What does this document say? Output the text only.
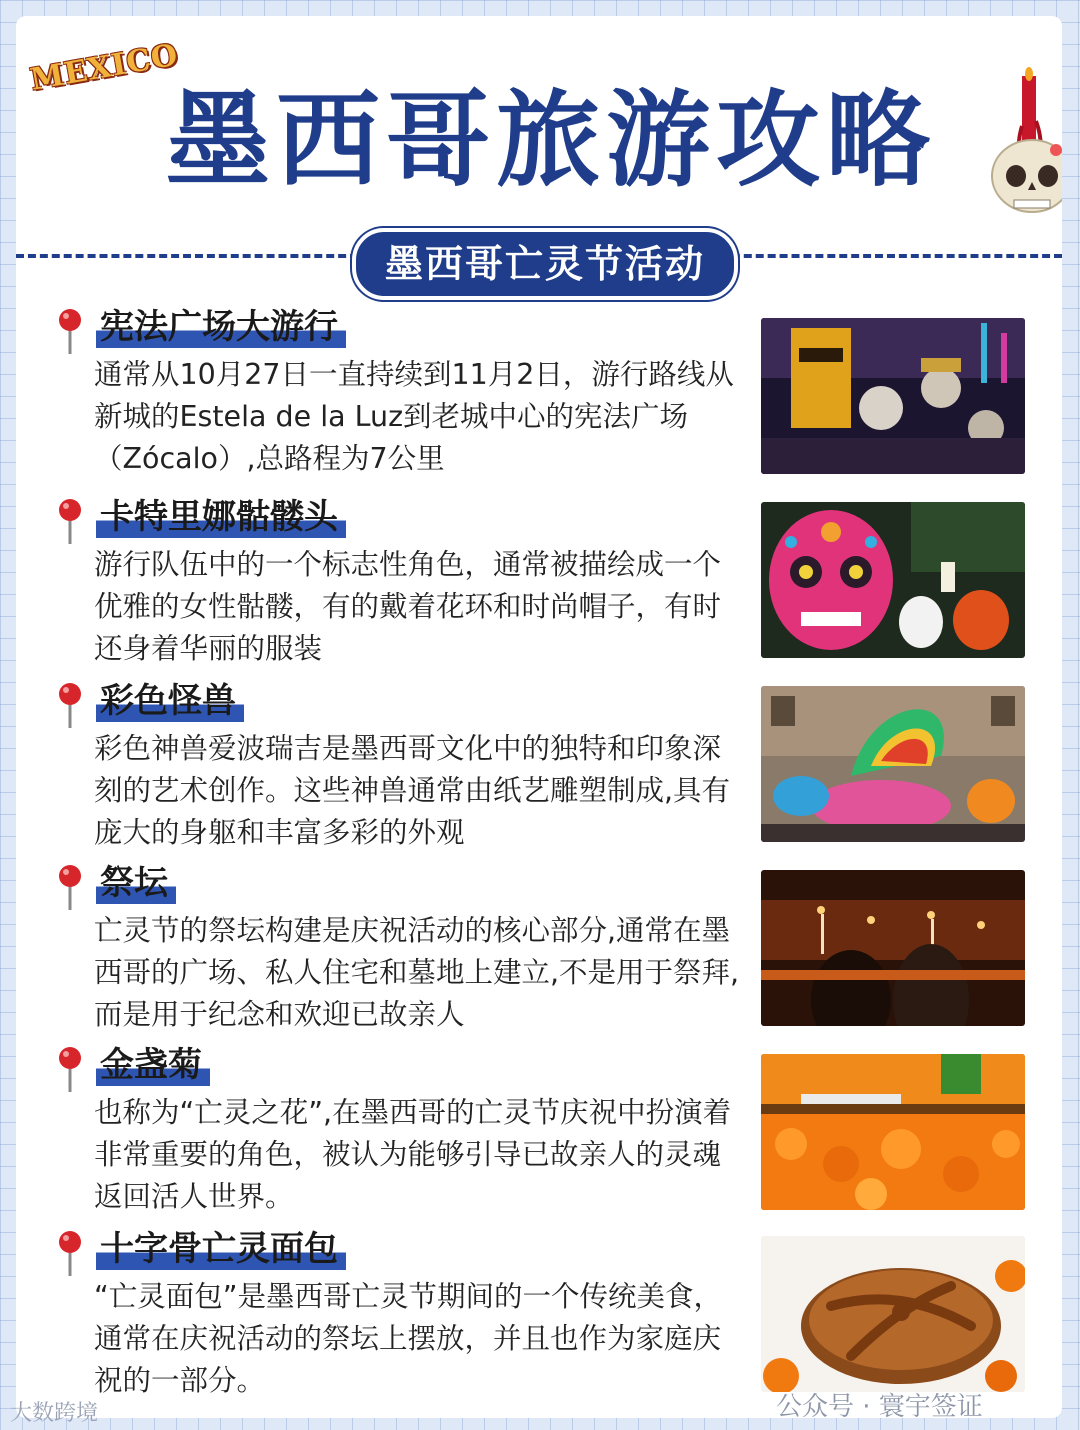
MEXICO
墨西哥旅游攻略
墨西哥亡灵节活动
宪法广场大游行

通常从10月27日一直持续到11月2日，游行路线从新城的Estela de la Luz到老城中心的宪法广场（Zócalo）,总路程为7公里

卡特里娜骷髅头

游行队伍中的一个标志性角色，通常被描绘成一个优雅的女性骷髅，有的戴着花环和时尚帽子，有时还身着华丽的服装

彩色怪兽

彩色神兽爱波瑞吉是墨西哥文化中的独特和印象深刻的艺术创作。这些神兽通常由纸艺雕塑制成,具有庞大的身躯和丰富多彩的外观

祭坛

亡灵节的祭坛构建是庆祝活动的核心部分,通常在墨西哥的广场、私人住宅和墓地上建立,不是用于祭拜,而是用于纪念和欢迎已故亲人

金盏菊

也称为“亡灵之花”,在墨西哥的亡灵节庆祝中扮演着非常重要的角色，被认为能够引导已故亲人的灵魂返回活人世界。

十字骨亡灵面包

“亡灵面包”是墨西哥亡灵节期间的一个传统美食，通常在庆祝活动的祭坛上摆放，并且也作为家庭庆祝的一部分。

公众号 · 寰宇签证
大数跨境
